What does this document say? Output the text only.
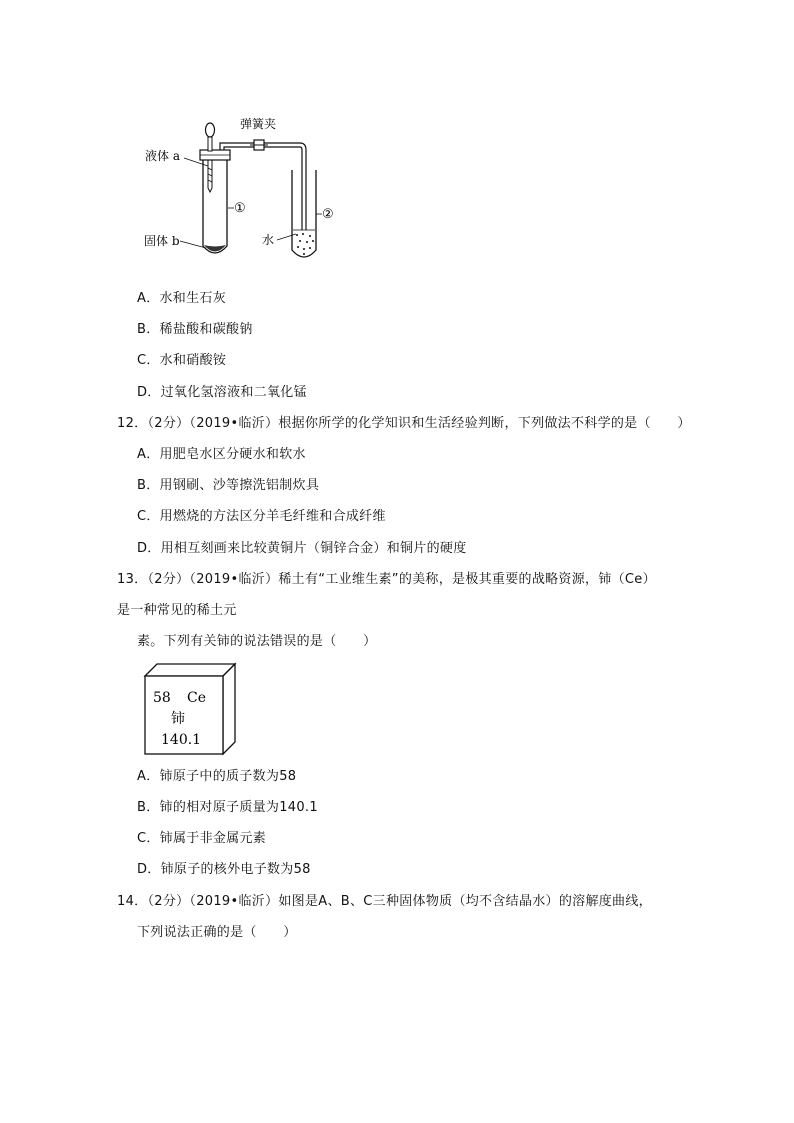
弹簧夹
液体 a
①
固体 b
②
水
A．水和生石灰
B．稀盐酸和碳酸钠
C．水和硝酸铵
D．过氧化氢溶液和二氧化锰
12．（2分）（2019•临沂）根据你所学的化学知识和生活经验判断，下列做法不科学的是（　　）
A．用肥皂水区分硬水和软水
B．用钢刷、沙等擦洗铝制炊具
C．用燃烧的方法区分羊毛纤维和合成纤维
D．用相互刻画来比较黄铜片（铜锌合金）和铜片的硬度
13．（2分）（2019•临沂）稀土有“工业维生素”的美称，是极其重要的战略资源，铈（Ce）
是一种常见的稀土元
素。下列有关铈的说法错误的是（　　）
58 Ce
铈
140.1
A．铈原子中的质子数为58
B．铈的相对原子质量为140.1
C．铈属于非金属元素
D．铈原子的核外电子数为58
14．（2分）（2019•临沂）如图是A、B、C三种固体物质（均不含结晶水）的溶解度曲线，
下列说法正确的是（　　）
